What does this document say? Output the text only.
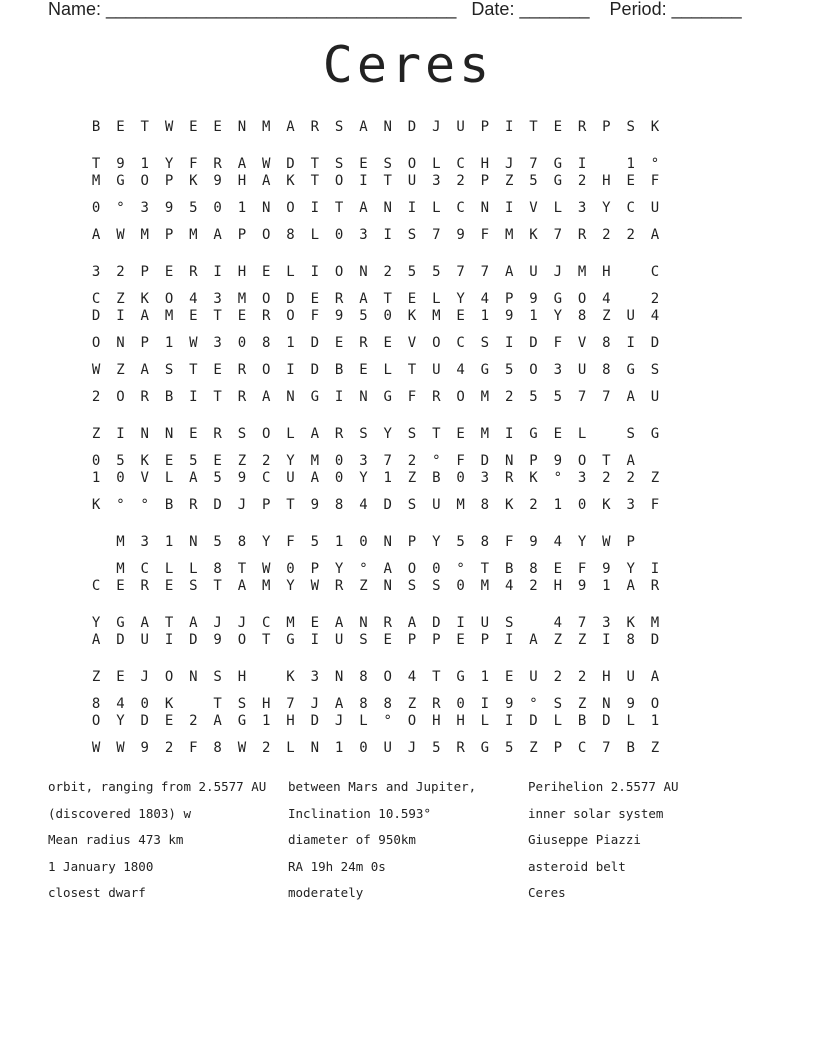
Name: ___________________________________ Date: _______ Period: _______
Ceres
B E T W E E N M A R S A N D J U P I T E R P S K
T 9 1 Y F R A W D T S E S O L C H J 7 G I	1 °
M G O P K 9 H A K T O I T U 3 2 P Z 5 G 2 H E F
0 ° 3 9 5 0 1 N O I T A N I L C N I V L 3 Y C U
A W M P M A P O 8 L 0 3 I S 7 9 F M K 7 R 2 2 A
3 2 P E R I H E L I O N 2 5 5 7 7 A U J M H	C
C Z K O 4 3 M O D E R A T E L Y 4 P 9 G O 4	2
D I A M E T E R O F 9 5 0 K M E 1 9 1 Y 8 Z U 4
O N P 1 W 3 0 8 1 D E R E V O C S I D F V 8 I D
W Z A S T E R O I D B E L T U 4 G 5 O 3 U 8 G S
2 O R B I T R A N G I N G F R O M 2 5 5 7 7 A U
Z I N N E R S O L A R S Y S T E M I G E L	S G
0 5 K E 5 E Z 2 Y M 0 3 7 2 ° F D N P 9 O T A
1 0 V L A 5 9 C U A 0 Y 1 Z B 0 3 R K ° 3 2 2 Z
K ° ° B R D J P T 9 8 4 D S U M 8 K 2 1 0 K 3 F
M 3 1 N 5 8 Y F 5 1 0 N P Y 5 8 F 9 4 Y W P
M C L L 8 T W 0 P Y ° A O 0 ° T B 8 E F 9 Y I
C E R E S T A M Y W R Z N S S 0 M 4 2 H 9 1 A R
Y G A T A J J C M E A N R A D I U S	4 7 3 K M
A D U I D 9 O T G I U S E P P E P I A Z Z I 8 D
Z E J O N S H	K 3 N 8 O 4 T G 1 E U 2 2 H U A
8 4 0 K	T S H 7 J A 8 8 Z R 0 I 9 ° S Z N 9 O
O Y D E 2 A G 1 H D J L ° O H H L I D L B D L 1
W W 9 2 F 8 W 2 L N 1 0 U J 5 R G 5 Z P C 7 B Z
orbit, ranging from 2.5577 AU	between Mars and Jupiter,	Perihelion 2.5577 AU
(discovered 1803) w	Inclination 10.593°	inner solar system
Mean radius 473 km	diameter of 950km	Giuseppe Piazzi
1 January 1800	RA 19h 24m 0s	asteroid belt
closest dwarf	moderately	Ceres
